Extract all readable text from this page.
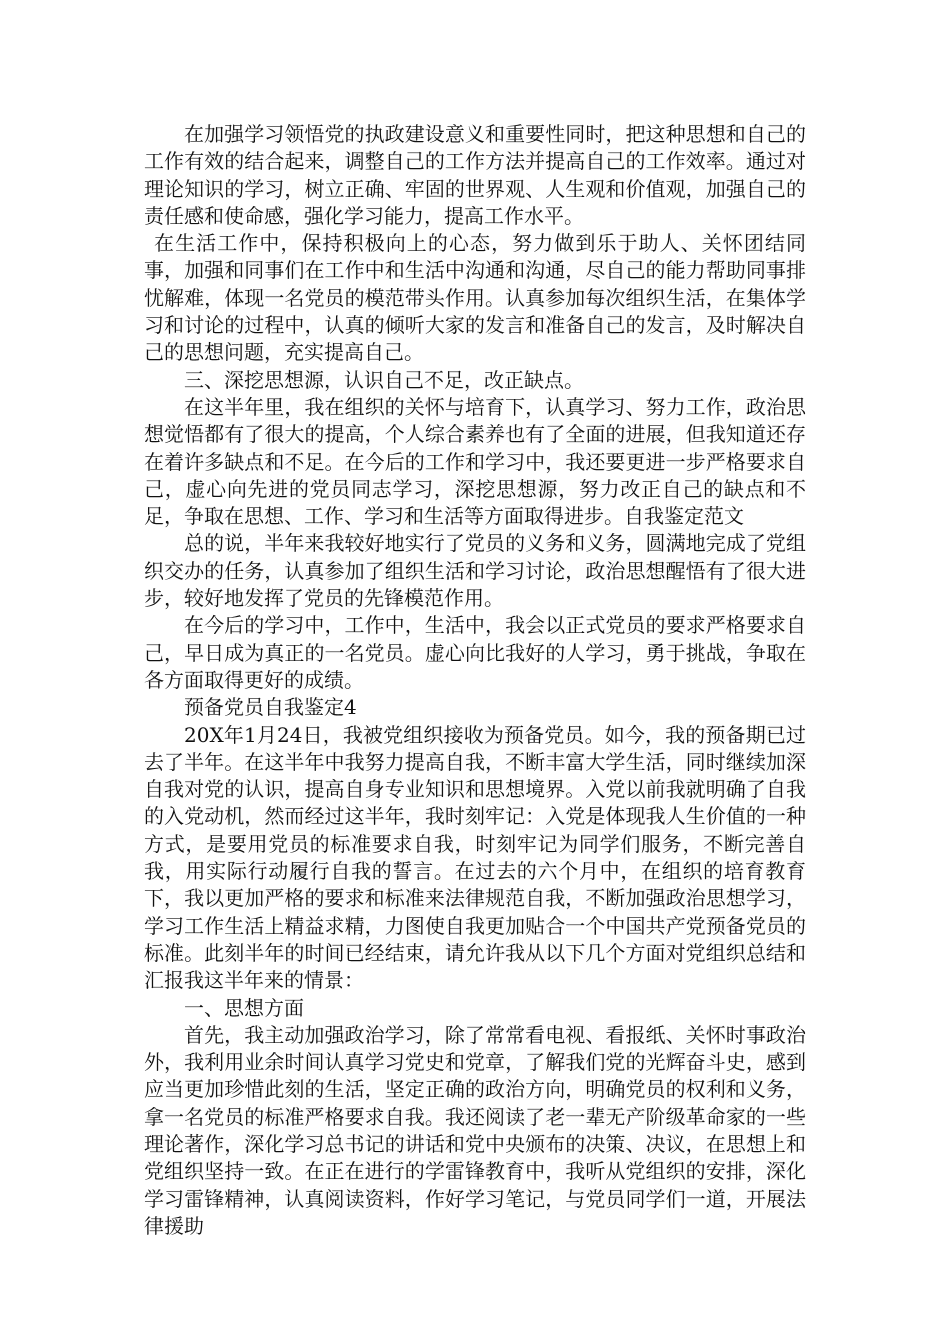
在加强学习领悟党的执政建设意义和重要性同时，把这种思想和自己的工作有效的结合起来，调整自己的工作方法并提高自己的工作效率。通过对理论知识的学习，树立正确、牢固的世界观、人生观和价值观，加强自己的责任感和使命感，强化学习能力，提高工作水平。

在生活工作中，保持积极向上的心态，努力做到乐于助人、关怀团结同事，加强和同事们在工作中和生活中沟通和沟通，尽自己的能力帮助同事排忧解难，体现一名党员的模范带头作用。认真参加每次组织生活，在集体学习和讨论的过程中，认真的倾听大家的发言和准备自己的发言，及时解决自己的思想问题，充实提高自己。

三、深挖思想源，认识自己不足，改正缺点。

在这半年里，我在组织的关怀与培育下，认真学习、努力工作，政治思想觉悟都有了很大的提高，个人综合素养也有了全面的进展，但我知道还存在着许多缺点和不足。在今后的工作和学习中，我还要更进一步严格要求自己，虚心向先进的党员同志学习，深挖思想源，努力改正自己的缺点和不足，争取在思想、工作、学习和生活等方面取得进步。自我鉴定范文

总的说，半年来我较好地实行了党员的义务和义务，圆满地完成了党组织交办的任务，认真参加了组织生活和学习讨论，政治思想醒悟有了很大进步，较好地发挥了党员的先锋模范作用。

在今后的学习中，工作中，生活中，我会以正式党员的要求严格要求自己，早日成为真正的一名党员。虚心向比我好的人学习，勇于挑战，争取在各方面取得更好的成绩。

预备党员自我鉴定4

20X年1月24日，我被党组织接收为预备党员。如今，我的预备期已过去了半年。在这半年中我努力提高自我，不断丰富大学生活，同时继续加深自我对党的认识，提高自身专业知识和思想境界。入党以前我就明确了自我的入党动机，然而经过这半年，我时刻牢记：入党是体现我人生价值的一种方式，是要用党员的标准要求自我，时刻牢记为同学们服务，不断完善自我，用实际行动履行自我的誓言。在过去的六个月中，在组织的培育教育下，我以更加严格的要求和标准来法律规范自我，不断加强政治思想学习，学习工作生活上精益求精，力图使自我更加贴合一个中国共产党预备党员的标准。此刻半年的时间已经结束，请允许我从以下几个方面对党组织总结和汇报我这半年来的情景：

一、思想方面

首先，我主动加强政治学习，除了常常看电视、看报纸、关怀时事政治外，我利用业余时间认真学习党史和党章，了解我们党的光辉奋斗史，感到应当更加珍惜此刻的生活，坚定正确的政治方向，明确党员的权利和义务，拿一名党员的标准严格要求自我。我还阅读了老一辈无产阶级革命家的一些理论著作，深化学习总书记的讲话和党中央颁布的决策、决议，在思想上和党组织坚持一致。在正在进行的学雷锋教育中，我听从党组织的安排，深化学习雷锋精神，认真阅读资料，作好学习笔记，与党员同学们一道，开展法律援助
